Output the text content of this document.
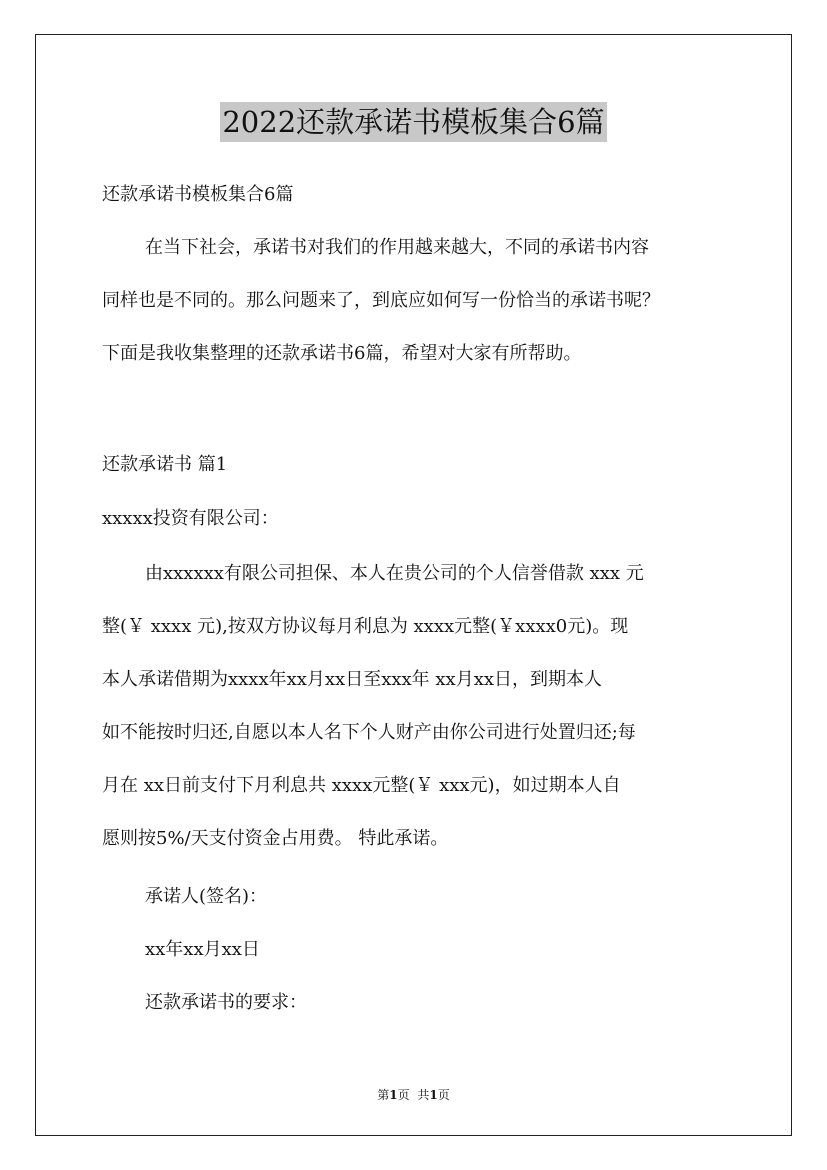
2022还款承诺书模板集合6篇
还款承诺书模板集合6篇
在当下社会，承诺书对我们的作用越来越大，不同的承诺书内容
同样也是不同的。那么问题来了，到底应如何写一份恰当的承诺书呢？
下面是我收集整理的还款承诺书6篇，希望对大家有所帮助。
还款承诺书 篇1
xxxxx投资有限公司：
由xxxxxx有限公司担保、本人在贵公司的个人信誉借款 xxx 元
整(￥ xxxx 元),按双方协议每月利息为 xxxx元整(￥xxxx0元)。现
本人承诺借期为xxxx年xx月xx日至xxx年 xx月xx日，到期本人
如不能按时归还,自愿以本人名下个人财产由你公司进行处置归还;每
月在 xx日前支付下月利息共 xxxx元整(￥ xxx元)，如过期本人自
愿则按5%/天支付资金占用费。 特此承诺。
承诺人(签名)：
xx年xx月xx日
还款承诺书的要求：
第1页 共1页
